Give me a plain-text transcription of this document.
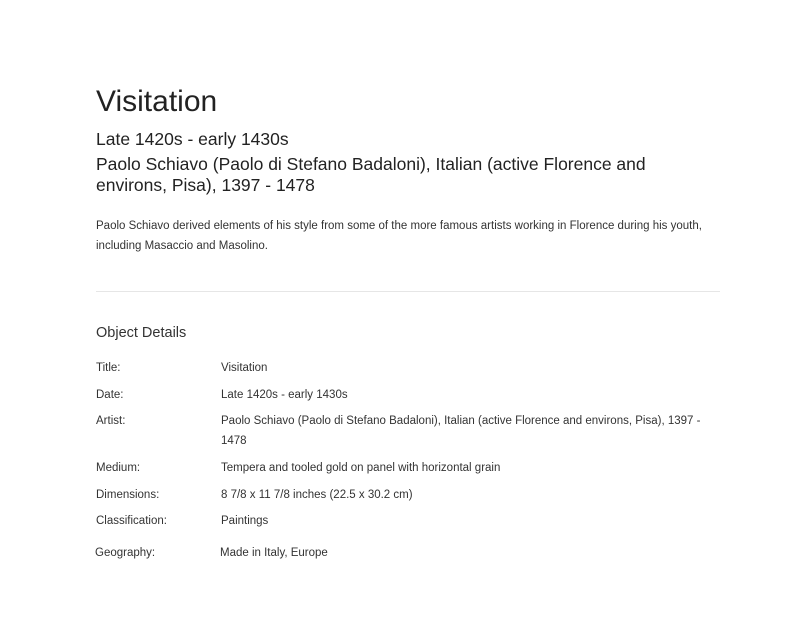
Visitation
Late 1420s - early 1430s
Paolo Schiavo (Paolo di Stefano Badaloni), Italian (active Florence and environs, Pisa), 1397 - 1478

Paolo Schiavo derived elements of his style from some of the more famous artists working in Florence during his youth, including Masaccio and Masolino.

Object Details
Title:	Visitation
Date:	Late 1420s - early 1430s
Artist:	Paolo Schiavo (Paolo di Stefano Badaloni), Italian (active Florence and environs, Pisa), 1397 - 1478
Medium:	Tempera and tooled gold on panel with horizontal grain
Dimensions:	8 7/8 x 11 7/8 inches (22.5 x 30.2 cm)
Classification:	Paintings
Geography:	Made in Italy, Europe
